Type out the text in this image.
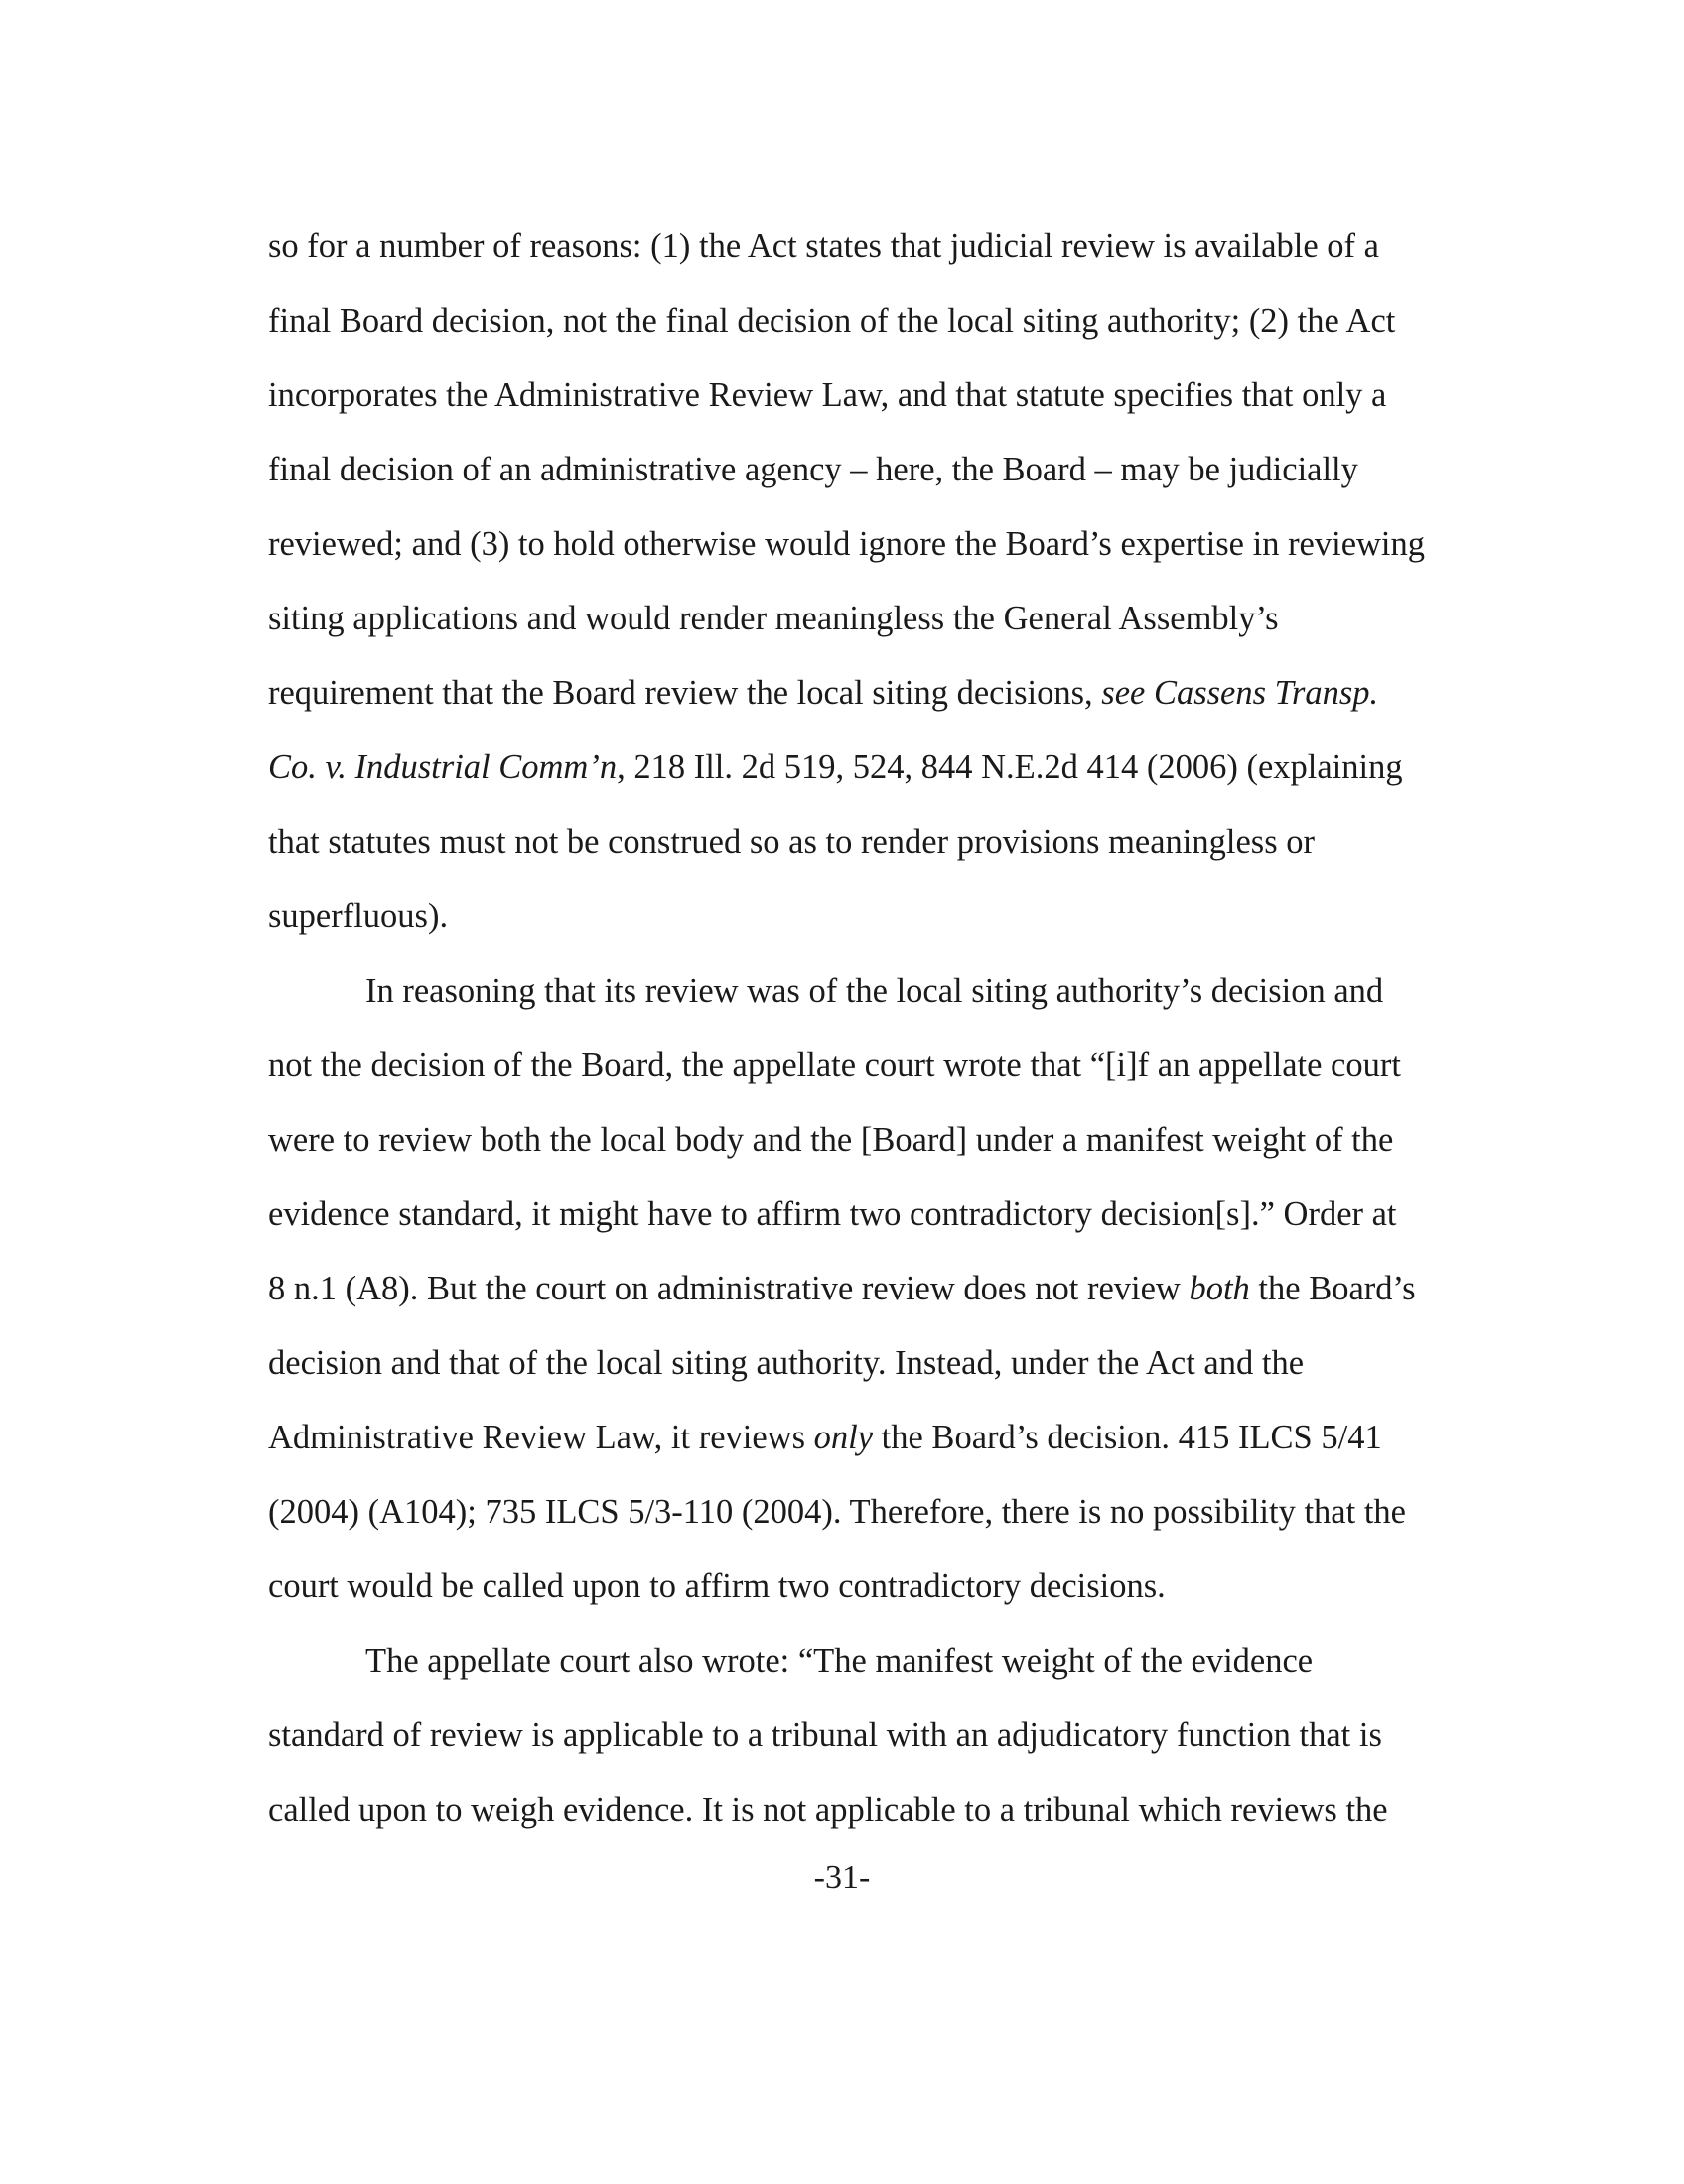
so for a number of reasons: (1) the Act states that judicial review is available of a
final Board decision, not the final decision of the local siting authority; (2) the Act
incorporates the Administrative Review Law, and that statute specifies that only a
final decision of an administrative agency – here, the Board – may be judicially
reviewed; and (3) to hold otherwise would ignore the Board’s expertise in reviewing
siting applications and would render meaningless the General Assembly’s
requirement that the Board review the local siting decisions, see Cassens Transp.
Co. v. Industrial Comm’n, 218 Ill. 2d 519, 524, 844 N.E.2d 414 (2006) (explaining
that statutes must not be construed so as to render provisions meaningless or
superfluous).
In reasoning that its review was of the local siting authority’s decision and
not the decision of the Board, the appellate court wrote that “[i]f an appellate court
were to review both the local body and the [Board] under a manifest weight of the
evidence standard, it might have to affirm two contradictory decision[s].” Order at
8 n.1 (A8). But the court on administrative review does not review both the Board’s
decision and that of the local siting authority. Instead, under the Act and the
Administrative Review Law, it reviews only the Board’s decision. 415 ILCS 5/41
(2004) (A104); 735 ILCS 5/3-110 (2004). Therefore, there is no possibility that the
court would be called upon to affirm two contradictory decisions.
The appellate court also wrote: “The manifest weight of the evidence
standard of review is applicable to a tribunal with an adjudicatory function that is
called upon to weigh evidence. It is not applicable to a tribunal which reviews the
-31-
